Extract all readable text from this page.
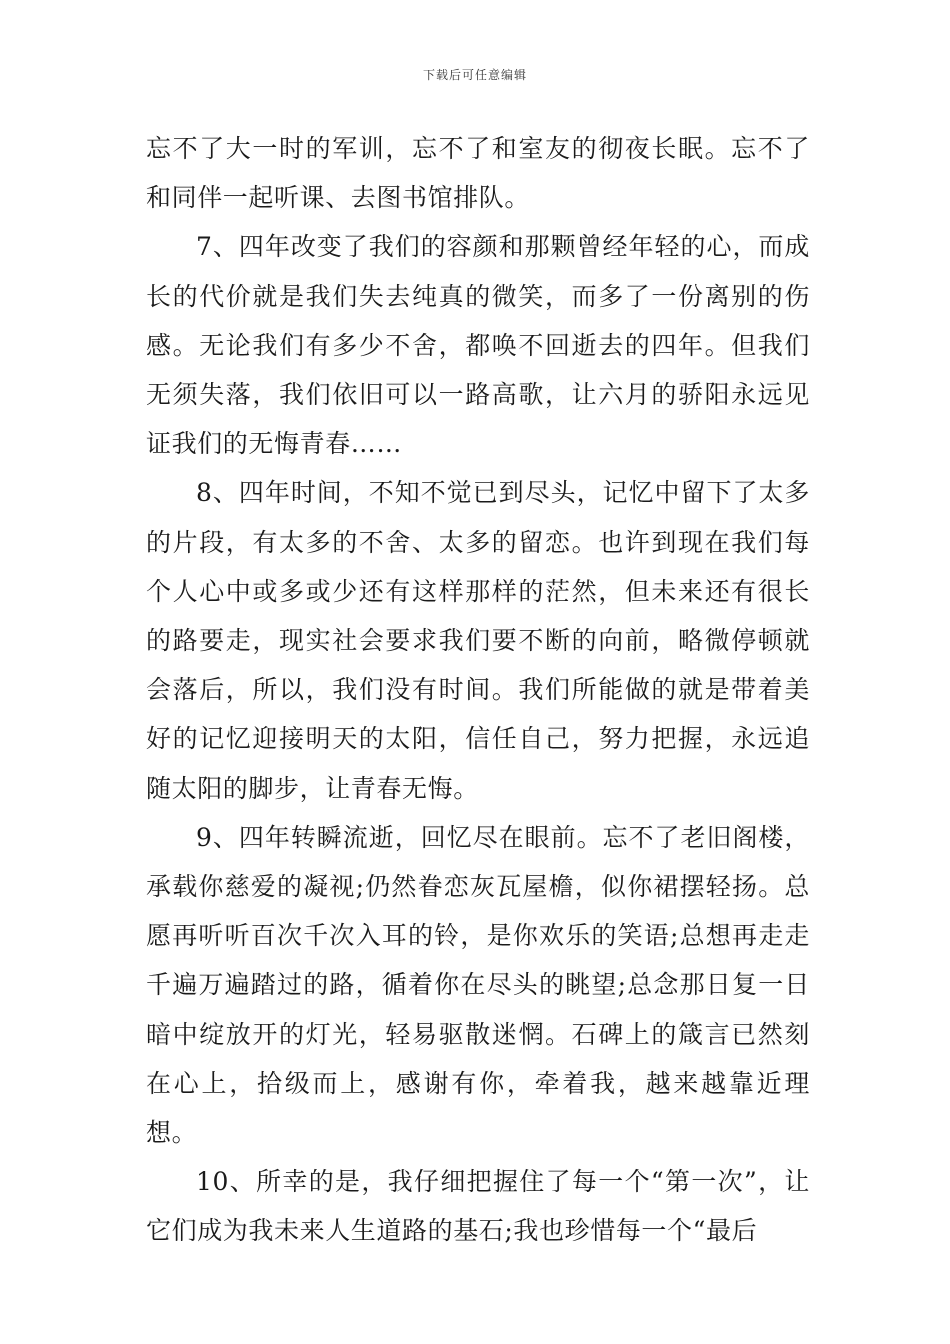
下载后可任意编辑

忘不了大一时的军训，忘不了和室友的彻夜长眠。忘不了和同伴一起听课、去图书馆排队。

7、四年改变了我们的容颜和那颗曾经年轻的心，而成长的代价就是我们失去纯真的微笑，而多了一份离别的伤感。无论我们有多少不舍，都唤不回逝去的四年。但我们无须失落，我们依旧可以一路高歌，让六月的骄阳永远见证我们的无悔青春……

8、四年时间，不知不觉已到尽头，记忆中留下了太多的片段，有太多的不舍、太多的留恋。也许到现在我们每个人心中或多或少还有这样那样的茫然，但未来还有很长的路要走，现实社会要求我们要不断的向前，略微停顿就会落后，所以，我们没有时间。我们所能做的就是带着美好的记忆迎接明天的太阳，信任自己，努力把握，永远追随太阳的脚步，让青春无悔。

9、四年转瞬流逝，回忆尽在眼前。忘不了老旧阁楼，承载你慈爱的凝视;仍然眷恋灰瓦屋檐，似你裙摆轻扬。总愿再听听百次千次入耳的铃，是你欢乐的笑语;总想再走走千遍万遍踏过的路，循着你在尽头的眺望;总念那日复一日暗中绽放开的灯光，轻易驱散迷惘。石碑上的箴言已然刻在心上，拾级而上，感谢有你，牵着我，越来越靠近理想。

10、所幸的是，我仔细把握住了每一个“第一次”，让它们成为我未来人生道路的基石;我也珍惜每一个“最后
